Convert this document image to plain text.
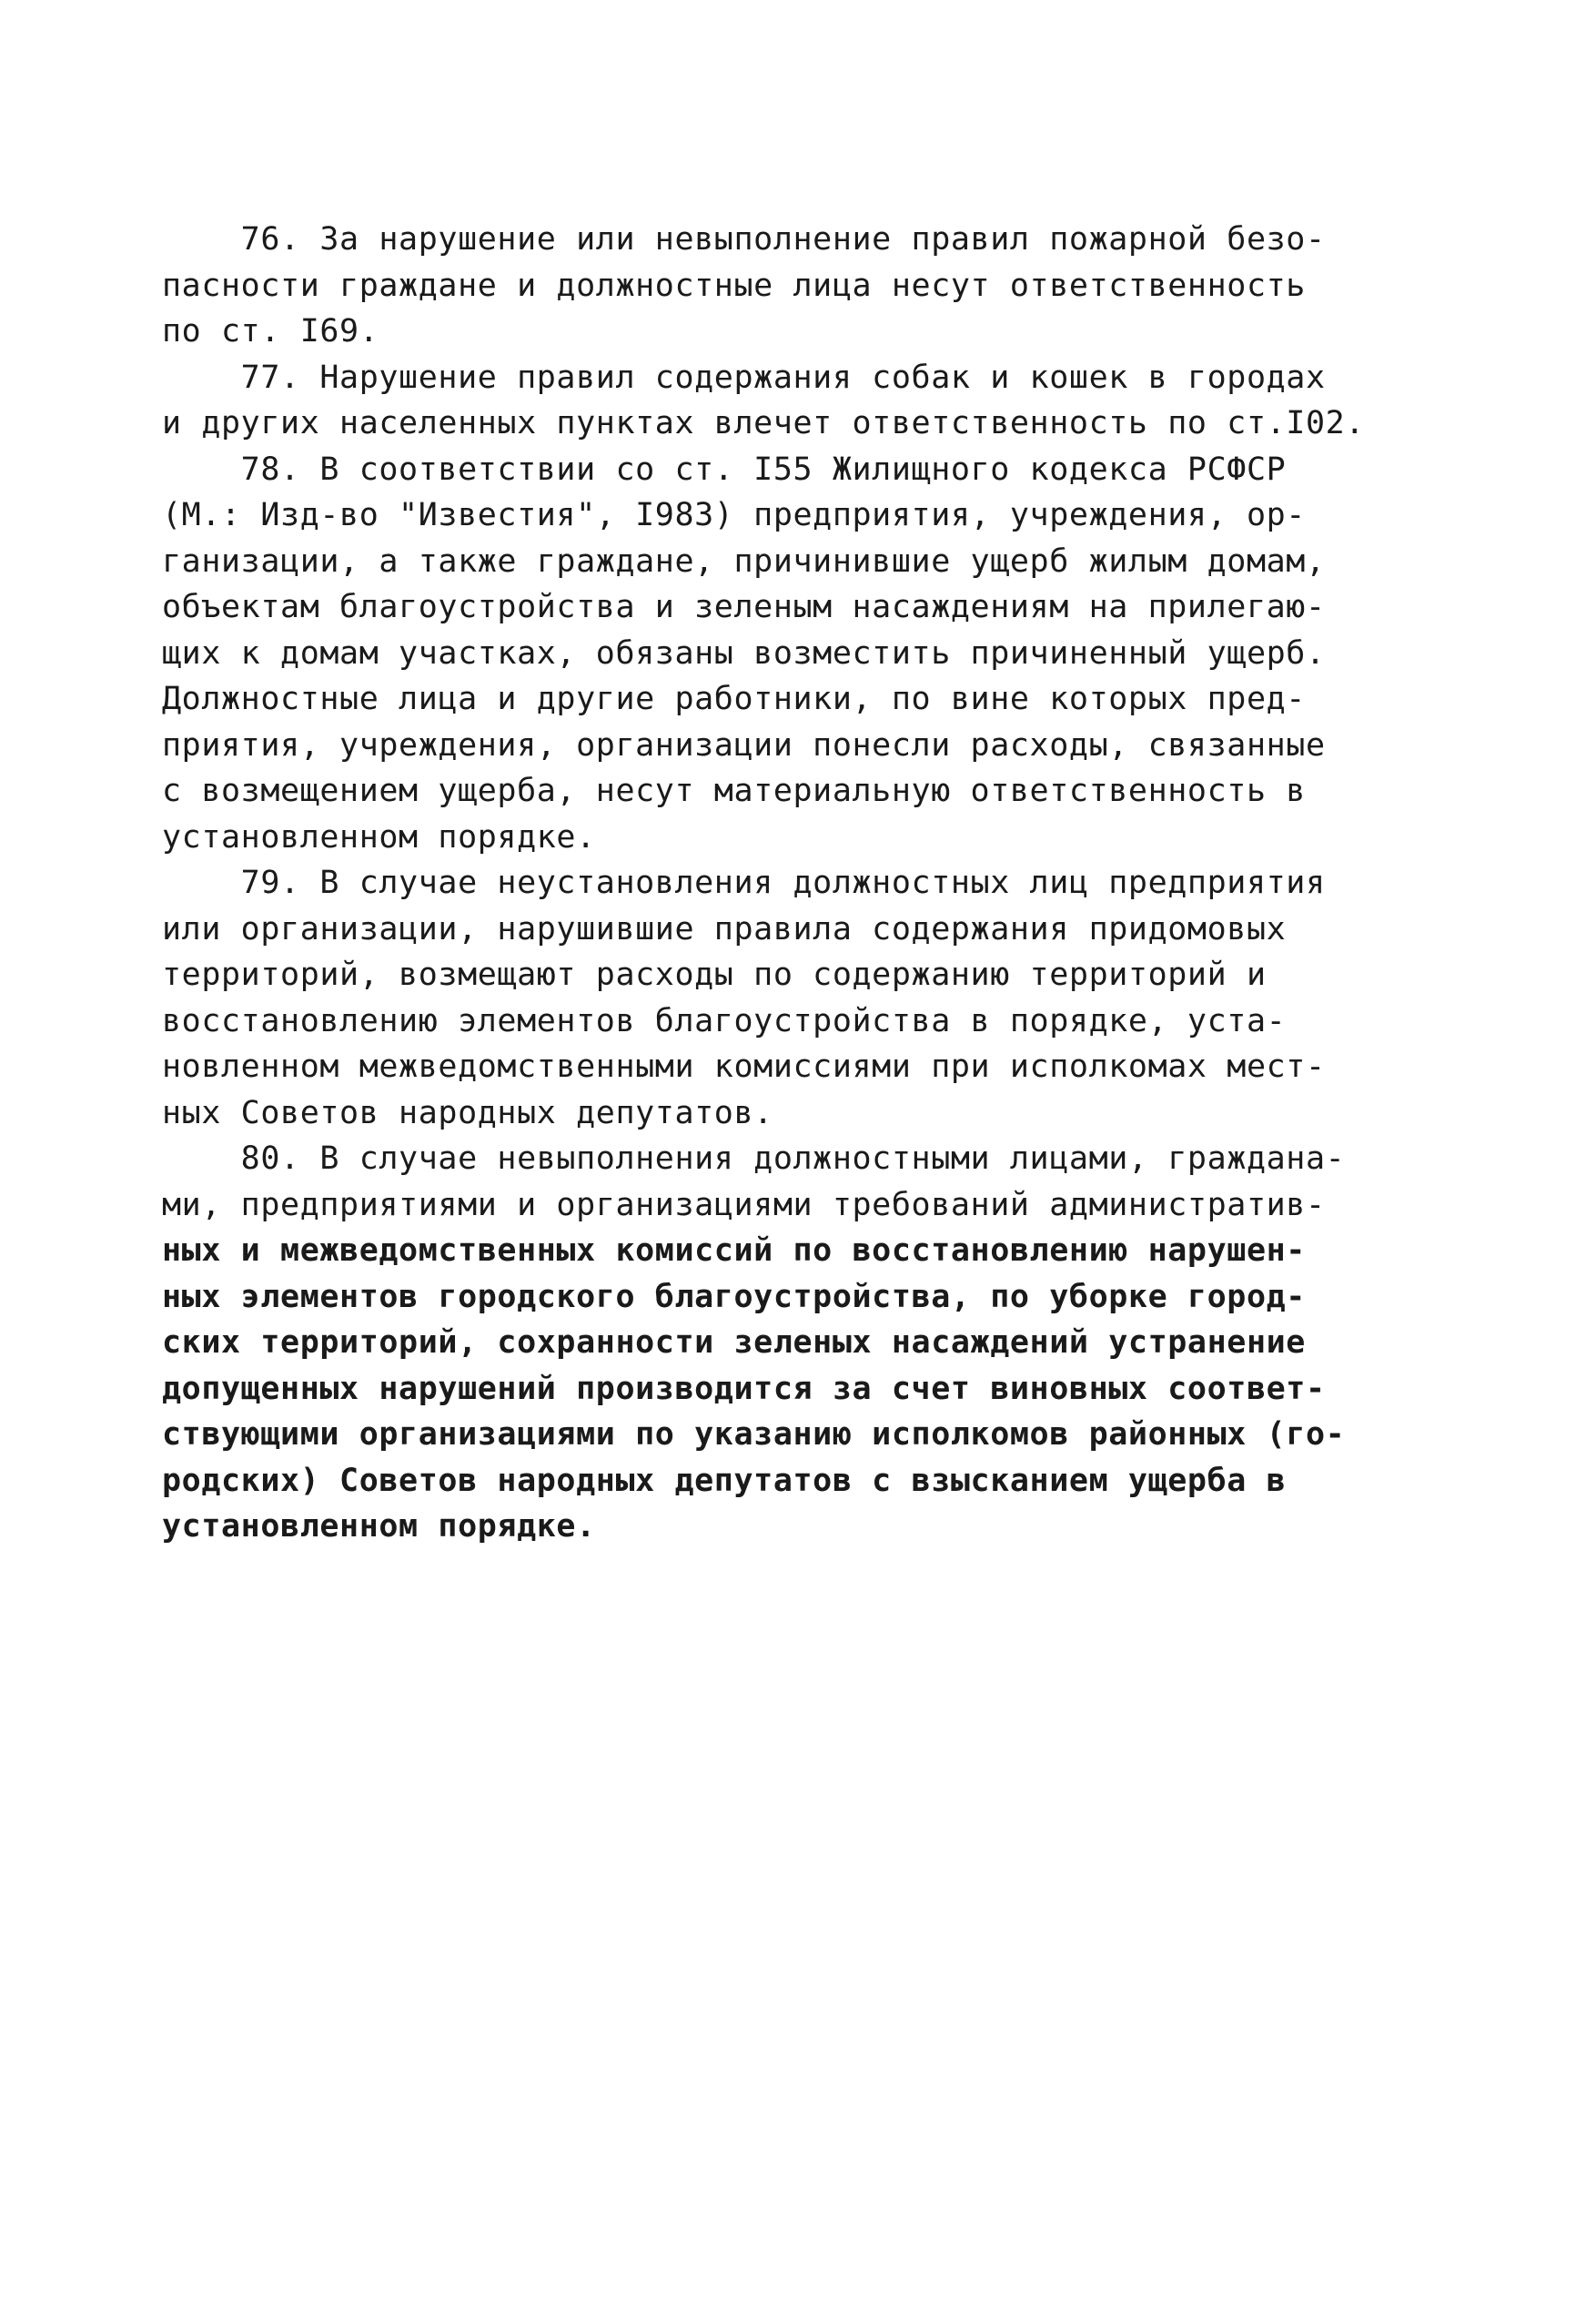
76. За нарушение или невыполнение правил пожарной безо-
пасности граждане и должностные лица несут ответственность
по ст. I69.
77. Нарушение правил содержания собак и кошек в городах
и других населенных пунктах влечет ответственность по ст.I02.
78. В соответствии со ст. I55 Жилищного кодекса РСФСР
(М.: Изд-во "Известия", I983) предприятия, учреждения, ор-
ганизации, а также граждане, причинившие ущерб жилым домам,
объектам благоустройства и зеленым насаждениям на прилегаю-
щих к домам участках, обязаны возместить причиненный ущерб.
Должностные лица и другие работники, по вине которых пред-
приятия, учреждения, организации понесли расходы, связанные
с возмещением ущерба, несут материальную ответственность в
установленном порядке.
79. В случае неустановления должностных лиц предприятия
или организации, нарушившие правила содержания придомовых
территорий, возмещают расходы по содержанию территорий и
восстановлению элементов благоустройства в порядке, уста-
новленном межведомственными комиссиями при исполкомах мест-
ных Советов народных депутатов.
80. В случае невыполнения должностными лицами, граждана-
ми, предприятиями и организациями требований административ-
ных и межведомственных комиссий по восстановлению нарушен-
ных элементов городского благоустройства, по уборке город-
ских территорий, сохранности зеленых насаждений устранение
допущенных нарушений производится за счет виновных соответ-
ствующими организациями по указанию исполкомов районных (го-
родских) Советов народных депутатов с взысканием ущерба в
установленном порядке.
